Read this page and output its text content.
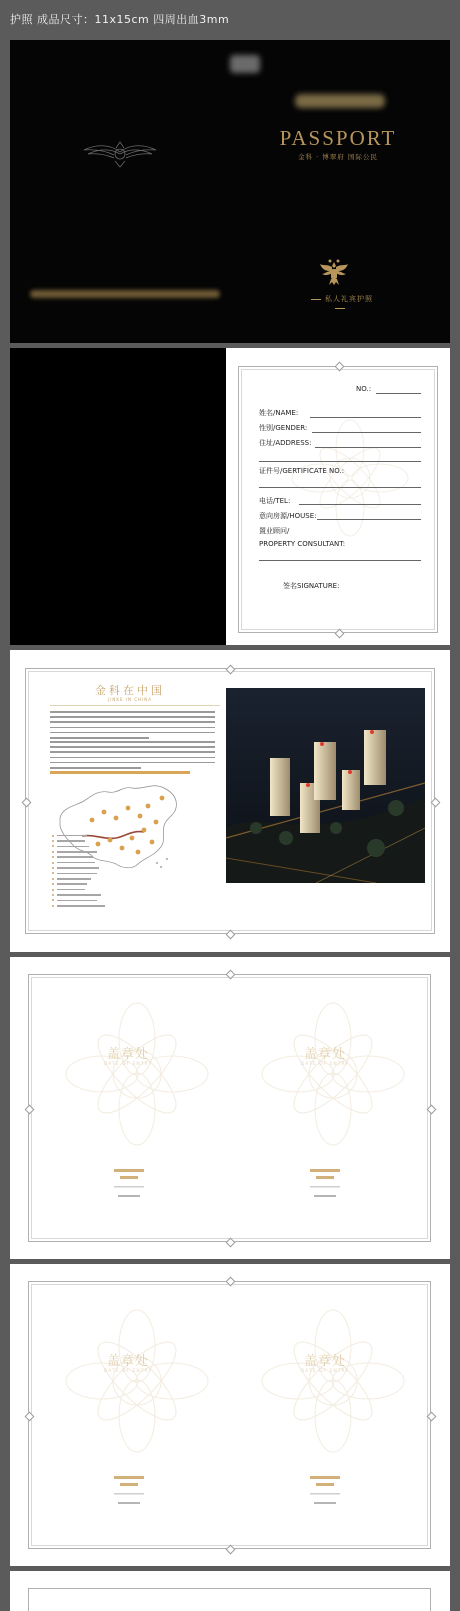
护照 成品尺寸：11x15cm 四周出血3mm
PASSPORT
金科 · 博翠府 国际公民
私人礼宾护照
NO.:
姓名/NAME:
性别/GENDER:
住址/ADDRESS:
证件号/GERTIFICATE NO.:
电话/TEL:
意向房源/HOUSE:
置业顾问/
PROPERTY CONSULTANT:
签名SIGNATURE:
金科在中国
JINKE IN CHINA
盖章处
DATE OF ENTRY
盖章处
DATE OF ENTRY
盖章处
DATE OF ENTRY
盖章处
DATE OF ENTRY
